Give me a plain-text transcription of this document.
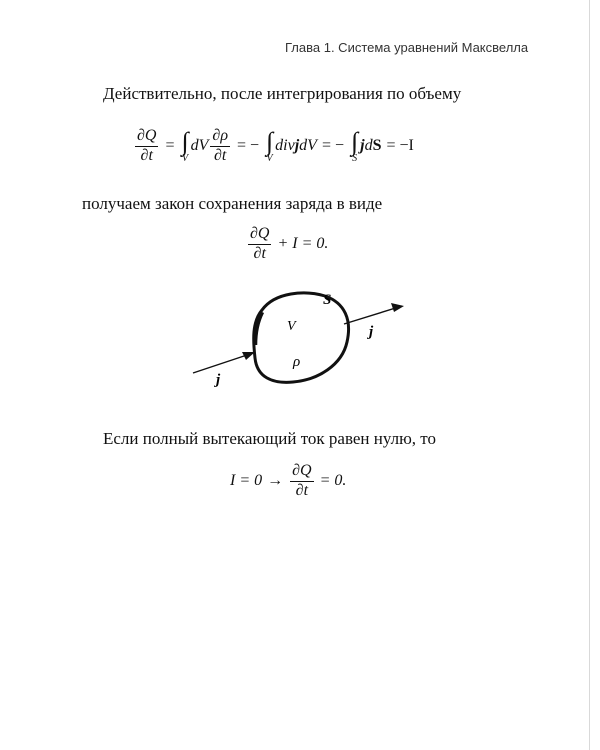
Глава 1. Система уравнений Максвелла
Действительно, после интегрирования по объему
$\frac{\partial Q}{\partial t}$ = ∫
V
dV $\frac{\partial\rho}{\partial t}$ = − ∫
V
div j dV = − ∫
S
j d S = −I
получаем закон сохранения заряда в виде
$\frac{\partial Q}{\partial t} + I = 0$.
S
V
ρ
j
j
Если полный вытекающий ток равен нулю, то
$I = 0 \to \frac{\partial Q}{\partial t} = 0$.
